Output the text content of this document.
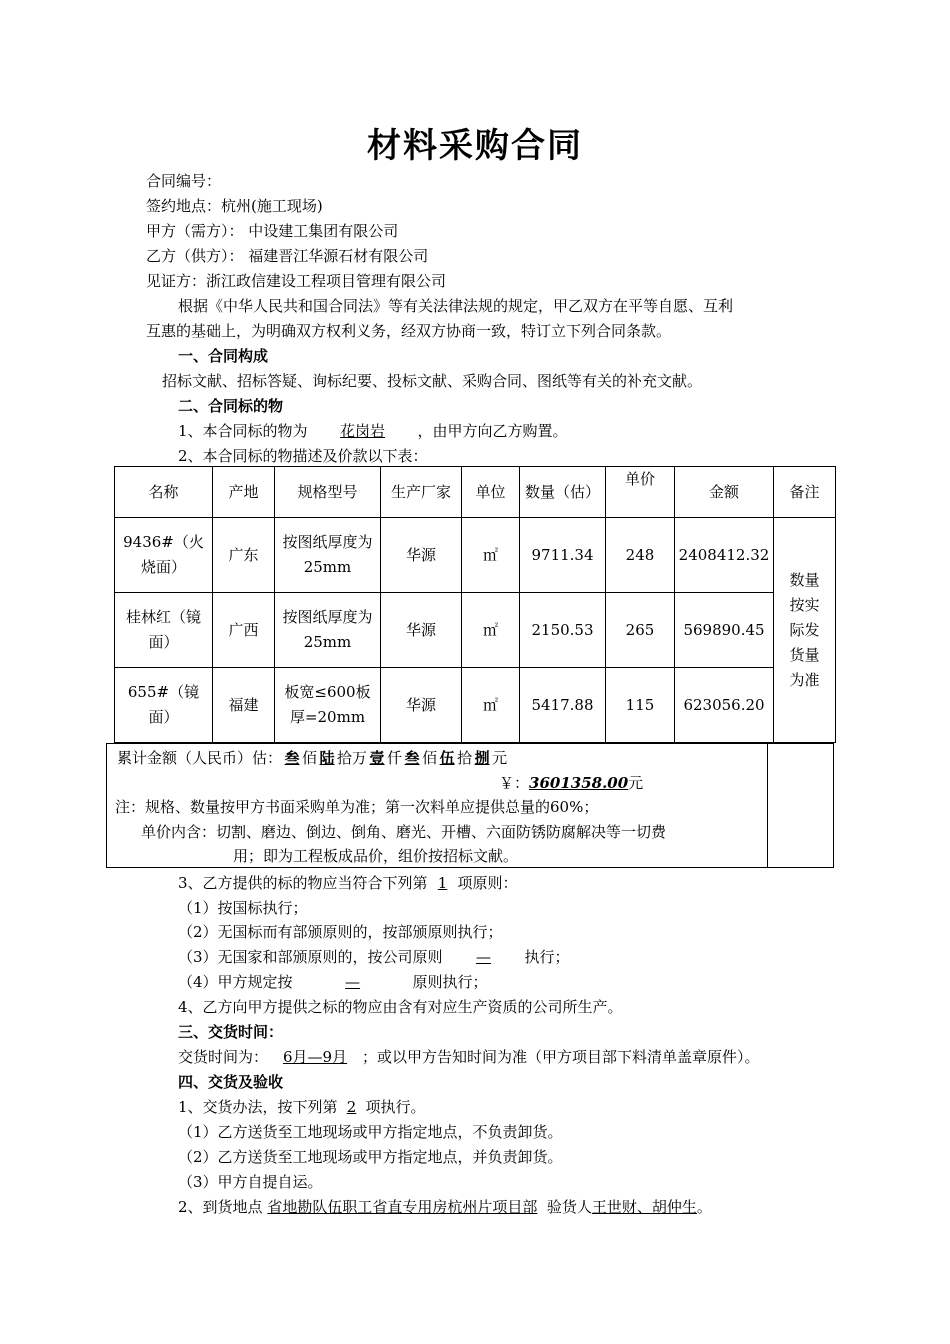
材料采购合同
合同编号：
签约地点：杭州(施工现场)
甲方（需方）： 中设建工集团有限公司
乙方（供方）： 福建晋江华源石材有限公司
见证方：浙江政信建设工程项目管理有限公司
根据《中华人民共和国合同法》等有关法律法规的规定，甲乙双方在平等自愿、互利
互惠的基础上，为明确双方权利义务，经双方协商一致，特订立下列合同条款。
一、合同构成
招标文献、招标答疑、询标纪要、投标文献、采购合同、图纸等有关的补充文献。
二、合同标的物
1、本合同标的物为 花岗岩 ，由甲方向乙方购置。
2、本合同标的物描述及价款以下表：
名称	产地	规格型号	生产厂家	单位	数量（估）	单价	金额	备注
9436#（火烧面）	广东	按图纸厚度为25mm	华源	㎡	9711.34	248	2408412.32	数量按实际发货量为准
桂林红（镜面）	广西	按图纸厚度为25mm	华源	㎡	2150.53	265	569890.45	
655#（镜面）	福建	板宽≤600板厚=20mm	华源	㎡	5417.88	115	623056.20	
累计金额（人民币）估： 叁 佰 陆 拾万 壹 仟 叁 佰 伍 拾 捌 元
￥：3601358.00元
注：规格、数量按甲方书面采购单为准；第一次料单应提供总量的60%；
单价内含：切割、磨边、倒边、倒角、磨光、开槽、六面防锈防腐解决等一切费
用；即为工程板成品价，组价按招标文献。
3、乙方提供的标的物应当符合下列第 1 项原则：
（1）按国标执行；
（2）无国标而有部颁原则的，按部颁原则执行；
（3）无国家和部颁原则的，按公司原则 — 执行；
（4）甲方规定按	—	原则执行；
4、乙方向甲方提供之标的物应由含有对应生产资质的公司所生产。
三、交货时间：
交货时间为： 6月—9月 ；或以甲方告知时间为准（甲方项目部下料清单盖章原件）。
四、交货及验收
1、交货办法，按下列第 2 项执行。
（1）乙方送货至工地现场或甲方指定地点，不负责卸货。
（2）乙方送货至工地现场或甲方指定地点，并负责卸货。
（3）甲方自提自运。
2、到货地点 省地勘队伍职工省直专用房杭州片项目部 验货人王世财、胡仲生。
